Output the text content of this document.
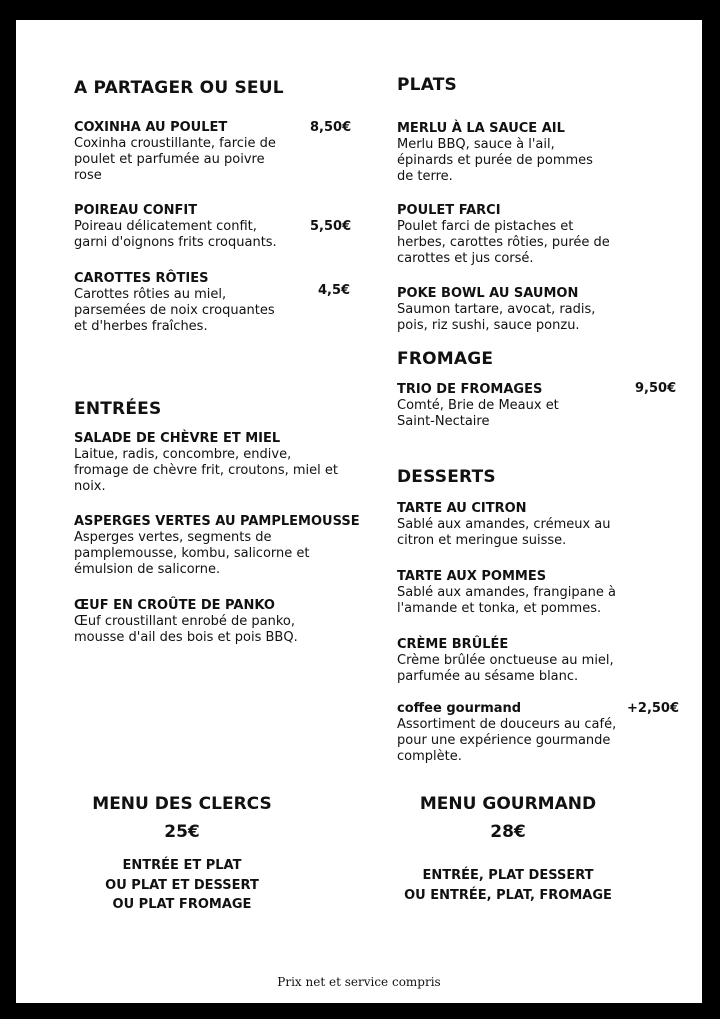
A PARTAGER OU SEUL
COXINHA AU POULET
Coxinha croustillante, farcie de
poulet et parfumée au poivre
rose
8,50€
POIREAU CONFIT
Poireau délicatement confit,
garni d'oignons frits croquants.
5,50€
CAROTTES RÔTIES
Carottes rôties au miel,
parsemées de noix croquantes
et d'herbes fraîches.
4,5€
ENTRÉES
SALADE DE CHÈVRE ET MIEL
Laitue, radis, concombre, endive,
fromage de chèvre frit, croutons, miel et
noix.
ASPERGES VERTES AU PAMPLEMOUSSE
Asperges vertes, segments de
pamplemousse, kombu, salicorne et
émulsion de salicorne.
ŒUF EN CROÛTE DE PANKO
Œuf croustillant enrobé de panko,
mousse d'ail des bois et pois BBQ.
PLATS
MERLU À LA SAUCE AIL
Merlu BBQ, sauce à l'ail,
épinards et purée de pommes
de terre.
POULET FARCI
Poulet farci de pistaches et
herbes, carottes rôties, purée de
carottes et jus corsé.
POKE BOWL AU SAUMON
Saumon tartare, avocat, radis,
pois, riz sushi, sauce ponzu.
FROMAGE
TRIO DE FROMAGES
Comté, Brie de Meaux et
Saint-Nectaire
9,50€
DESSERTS
TARTE AU CITRON
Sablé aux amandes, crémeux au
citron et meringue suisse.
TARTE AUX POMMES
Sablé aux amandes, frangipane à
l'amande et tonka, et pommes.
CRÈME BRÛLÉE
Crème brûlée onctueuse au miel,
parfumée au sésame blanc.
coffee gourmand
Assortiment de douceurs au café,
pour une expérience gourmande
complète.
+2,50€
MENU DES CLERCS
25€
ENTRÉE ET PLAT
OU PLAT ET DESSERT
OU PLAT FROMAGE
MENU GOURMAND
28€
ENTRÉE, PLAT DESSERT
OU ENTRÉE, PLAT, FROMAGE
Prix net et service compris
